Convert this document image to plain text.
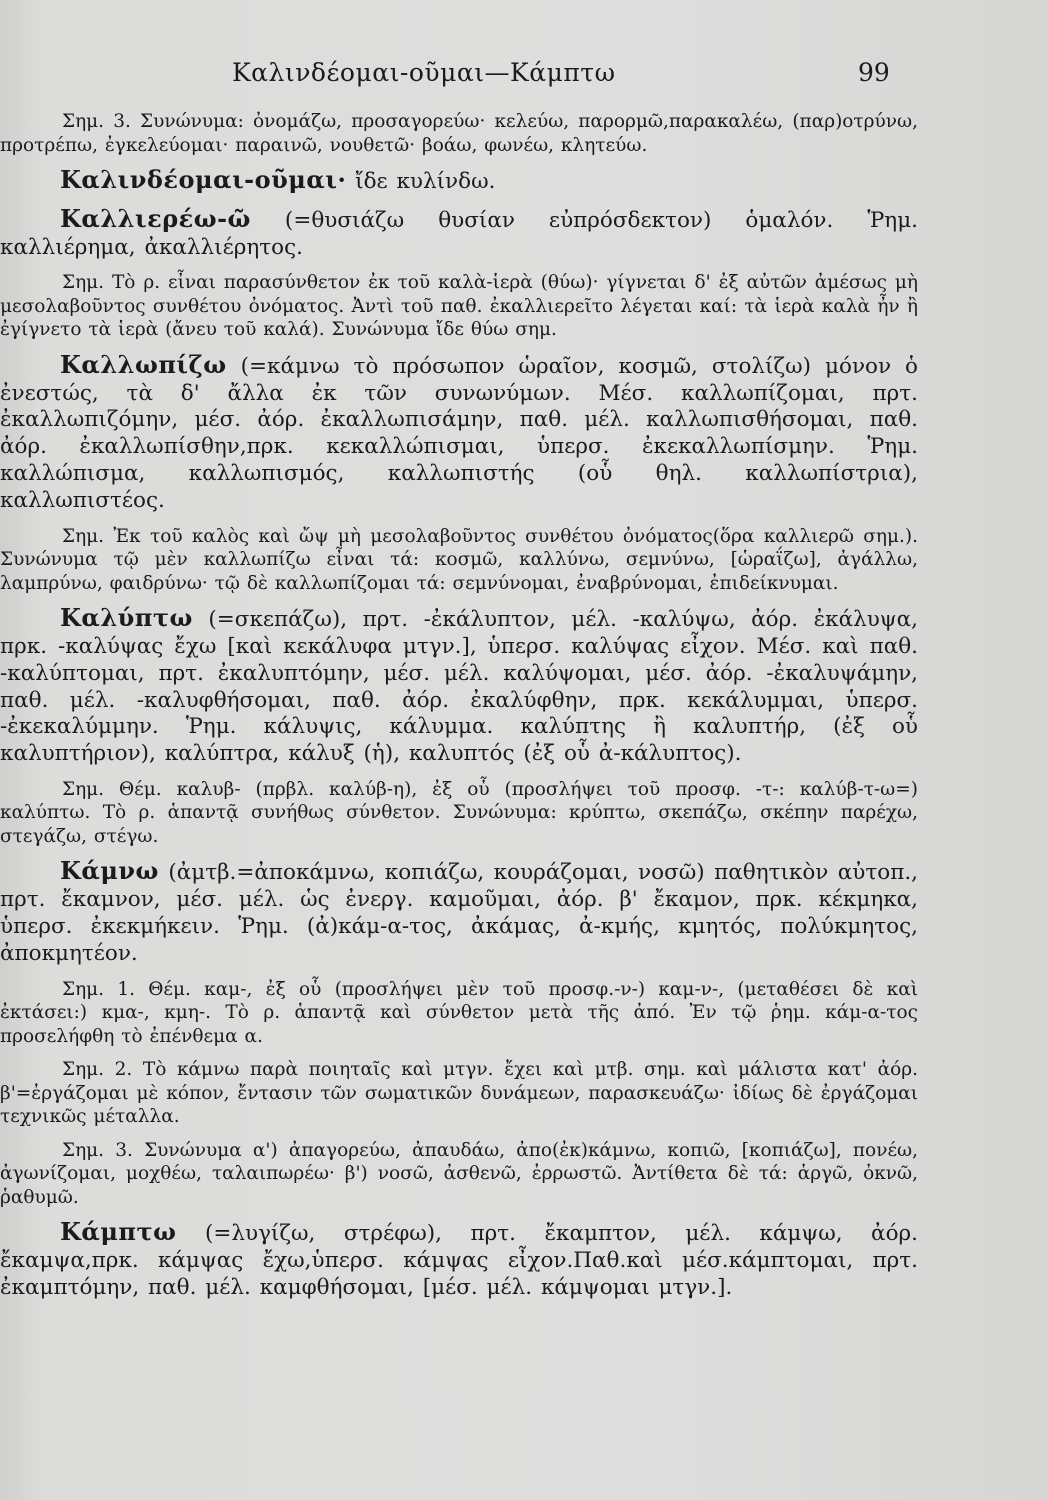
Καλινδέομαι-οῦμαι—Κάμπτω	99

Σημ. 3. Συνώνυμα: ὀνομάζω, προσαγορεύω· κελεύω, παρορμῶ,παρακαλέω, (παρ)οτρύνω, προτρέπω, ἐγκελεύομαι· παραινῶ, νουθετῶ· βοάω, φωνέω, κλητεύω.

Καλινδέομαι-οῦμαι· ἴδε κυλίνδω.

Καλλιερέω-ῶ (=θυσιάζω θυσίαν εὐπρόσδεκτον) ὁμαλόν. Ῥημ. καλλιέρημα, ἀκαλλιέρητος.

Σημ. Τὸ ρ. εἶναι παρασύνθετον ἐκ τοῦ καλὰ-ἱερὰ (θύω)· γίγνεται δ' ἐξ αὐτῶν ἀμέσως μὴ μεσολαβοῦντος συνθέτου ὀνόματος. Ἀντὶ τοῦ παθ. ἐκαλλιερεῖτο λέγεται καί: τὰ ἱερὰ καλὰ ἦν ἢ ἐγίγνετο τὰ ἱερὰ (ἄνευ τοῦ καλά). Συνώνυμα ἴδε θύω σημ.

Καλλωπίζω (=κάμνω τὸ πρόσωπον ὡραῖον, κοσμῶ, στολίζω) μόνον ὁ ἐνεστώς, τὰ δ' ἄλλα ἐκ τῶν συνωνύμων. Μέσ. καλλωπίζομαι, πρτ. ἐκαλλωπιζόμην, μέσ. ἀόρ. ἐκαλλωπισάμην, παθ. μέλ. καλλωπισθήσομαι, παθ. ἀόρ. ἐκαλλωπίσθην,πρκ. κεκαλλώπισμαι, ὑπερσ. ἐκεκαλλωπίσμην. Ῥημ. καλλώπισμα, καλλωπισμός, καλλωπιστής (οὗ θηλ. καλλωπίστρια), καλλωπιστέος.

Σημ. Ἐκ τοῦ καλὸς καὶ ὤψ μὴ μεσολαβοῦντος συνθέτου ὀνόματος(ὅρα καλλιερῶ σημ.). Συνώνυμα τῷ μὲν καλλωπίζω εἶναι τά: κοσμῶ, καλλύνω, σεμνύνω, [ὡραΐζω], ἀγάλλω, λαμπρύνω, φαιδρύνω· τῷ δὲ καλλωπίζομαι τά: σεμνύνομαι, ἐναβρύνομαι, ἐπιδείκνυμαι.

Καλύπτω (=σκεπάζω), πρτ. -ἐκάλυπτον, μέλ. -καλύψω, ἀόρ. ἐκάλυψα, πρκ. -καλύψας ἔχω [καὶ κεκάλυφα μτγν.], ὑπερσ. καλύψας εἶχον. Μέσ. καὶ παθ. -καλύπτομαι, πρτ. ἐκαλυπτόμην, μέσ. μέλ. καλύψομαι, μέσ. ἀόρ. -ἐκαλυψάμην, παθ. μέλ. -καλυφθήσομαι, παθ. ἀόρ. ἐκαλύφθην, πρκ. κεκάλυμμαι, ὑπερσ. -ἐκεκαλύμμην. Ῥημ. κάλυψις, κάλυμμα. καλύπτης ἢ καλυπτήρ, (ἐξ οὗ καλυπτήριον), καλύπτρα, κάλυξ (ἡ), καλυπτός (ἐξ οὗ ἀ-κάλυπτος).

Σημ. Θέμ. καλυβ- (πρβλ. καλύβ-η), ἐξ οὗ (προσλήψει τοῦ προσφ. -τ-: καλύβ-τ-ω=) καλύπτω. Τὸ ρ. ἁπαντᾷ συνήθως σύνθετον. Συνώνυμα: κρύπτω, σκεπάζω, σκέπην παρέχω, στεγάζω, στέγω.

Κάμνω (ἀμτβ.=ἀποκάμνω, κοπιάζω, κουράζομαι, νοσῶ) παθητικὸν αὐτοπ., πρτ. ἔκαμνον, μέσ. μέλ. ὡς ἐνεργ. καμοῦμαι, ἀόρ. β' ἔκαμον, πρκ. κέκμηκα, ὑπερσ. ἐκεκμήκειν. Ῥημ. (ἀ)κάμ-α-τος, ἀκάμας, ἀ-κμής, κμητός, πολύκμητος, ἀποκμητέον.

Σημ. 1. Θέμ. καμ-, ἐξ οὗ (προσλήψει μὲν τοῦ προσφ.-ν-) καμ-ν-, (μεταθέσει δὲ καὶ ἐκτάσει:) κμα-, κμη-. Τὸ ρ. ἁπαντᾷ καὶ σύνθετον μετὰ τῆς ἀπό. Ἐν τῷ ῥημ. κάμ-α-τος προσελήφθη τὸ ἐπένθεμα α.

Σημ. 2. Τὸ κάμνω παρὰ ποιηταῖς καὶ μτγν. ἔχει καὶ μτβ. σημ. καὶ μάλιστα κατ' ἀόρ. β'=ἐργάζομαι μὲ κόπον, ἔντασιν τῶν σωματικῶν δυνάμεων, παρασκευάζω· ἰδίως δὲ ἐργάζομαι τεχνικῶς μέταλλα.

Σημ. 3. Συνώνυμα α') ἀπαγορεύω, ἀπαυδάω, ἀπο(ἐκ)κάμνω, κοπιῶ, [κοπιάζω], πονέω, ἀγωνίζομαι, μοχθέω, ταλαιπωρέω· β') νοσῶ, ἀσθενῶ, ἐρρωστῶ. Ἀντίθετα δὲ τά: ἀργῶ, ὀκνῶ, ῥαθυμῶ.

Κάμπτω (=λυγίζω, στρέφω), πρτ. ἔκαμπτον, μέλ. κάμψω, ἀόρ. ἔκαμψα,πρκ. κάμψας ἔχω,ὑπερσ. κάμψας εἶχον.Παθ.καὶ μέσ.κάμπτομαι, πρτ. ἐκαμπτόμην, παθ. μέλ. καμφθήσομαι, [μέσ. μέλ. κάμψομαι μτγν.].
